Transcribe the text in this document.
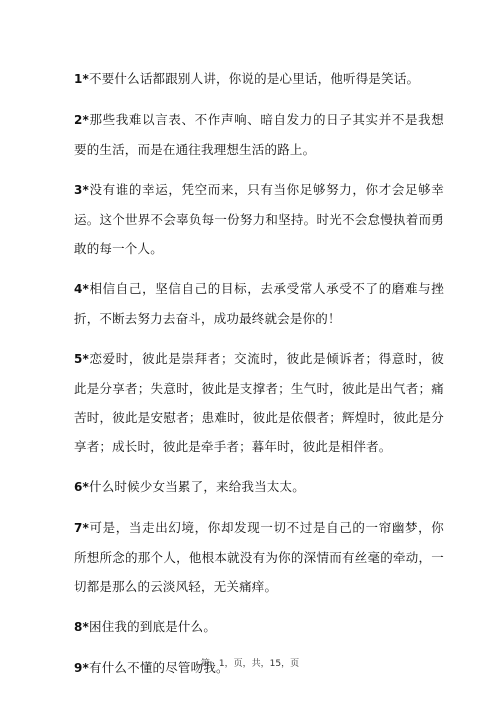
1*不要什么话都跟别人讲，你说的是心里话，他听得是笑话。

2*那些我难以言表、不作声响、暗自发力的日子其实并不是我想要的生活，而是在通往我理想生活的路上。

3*没有谁的幸运，凭空而来，只有当你足够努力，你才会足够幸运。这个世界不会辜负每一份努力和坚持。时光不会怠慢执着而勇敢的每一个人。

4*相信自己，坚信自己的目标，去承受常人承受不了的磨难与挫折，不断去努力去奋斗，成功最终就会是你的！

5*恋爱时，彼此是崇拜者；交流时，彼此是倾诉者；得意时，彼此是分享者；失意时，彼此是支撑者；生气时，彼此是出气者；痛苦时，彼此是安慰者；患难时，彼此是依偎者；辉煌时，彼此是分享者；成长时，彼此是牵手者；暮年时，彼此是相伴者。

6*什么时候少女当累了，来给我当太太。

7*可是，当走出幻境，你却发现一切不过是自己的一帘幽梦，你所想所念的那个人，他根本就没有为你的深情而有丝毫的牵动，一切都是那么的云淡风轻，无关痛痒。

8*困住我的到底是什么。

9*有什么不懂的尽管吻我。

第，1，页，共，15，页
